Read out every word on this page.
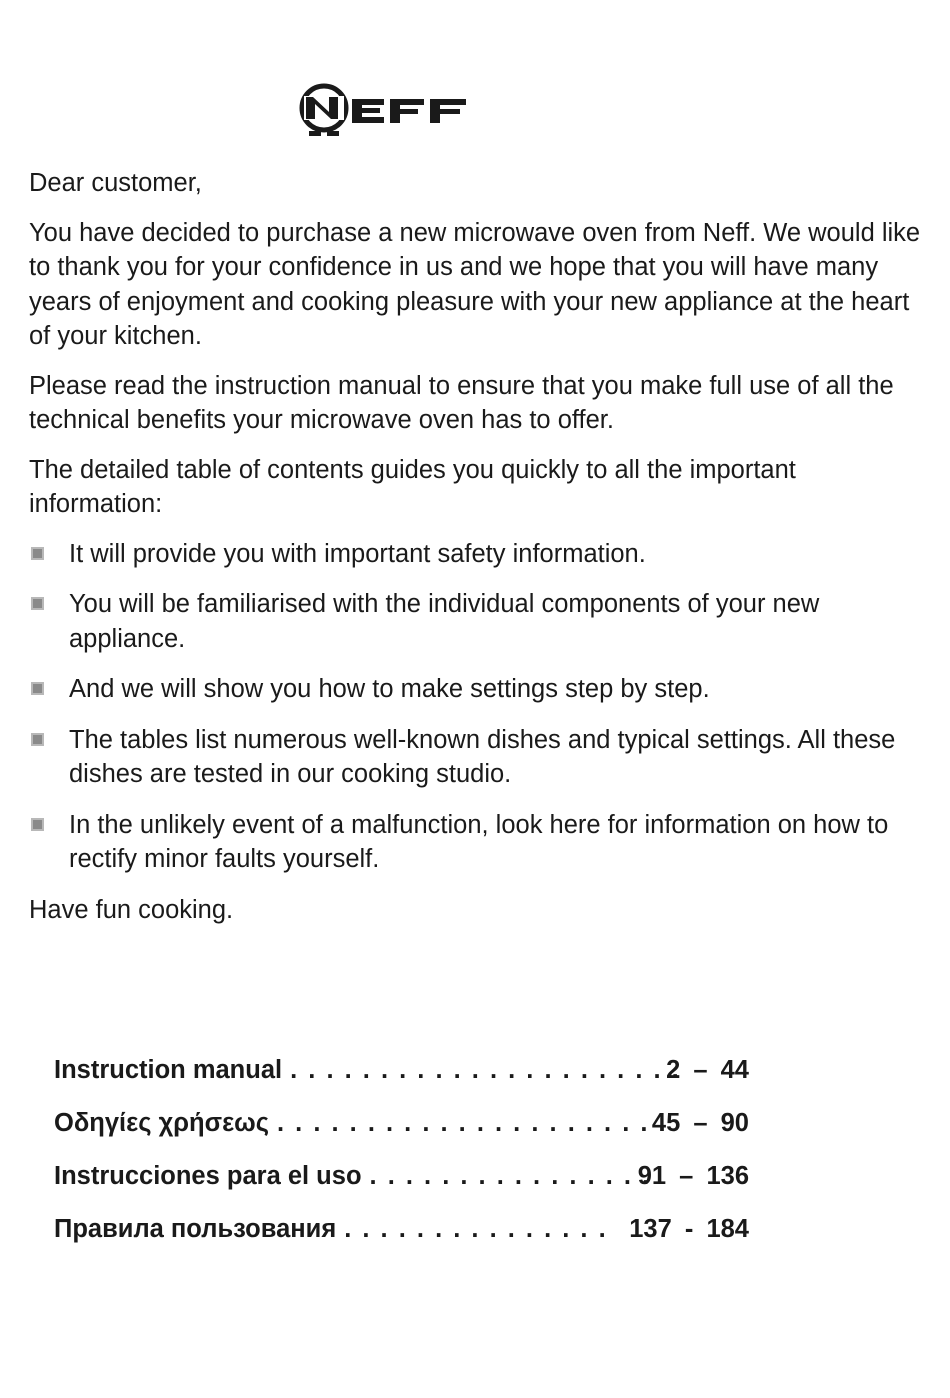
NEFF

Dear customer,

You have decided to purchase a new microwave oven from Neff. We would like to thank you for your confidence in us and we hope that you will have many years of enjoyment and cooking pleasure with your new appliance at the heart of your kitchen.

Please read the instruction manual to ensure that you make full use of all the technical benefits your microwave oven has to offer.

The detailed table of contents guides you quickly to all the important information:

It will provide you with important safety information.
You will be familiarised with the individual components of your new appliance.
And we will show you how to make settings step by step.
The tables list numerous well-known dishes and typical settings. All these dishes are tested in our cooking studio.
In the unlikely event of a malfunction, look here for information on how to rectify minor faults yourself.

Have fun cooking.

Instruction manual . . . . . . . . . . . . . . . . . . . . . .
2 – 44
Οδηγίες χρήσεως . . . . . . . . . . . . . . . . . . . . . .
45 – 90
Instrucciones para el uso . . . . . . . . . . . . . . . .
91 – 136
Правила пользования . . . . . . . . . . . . . . . 137 - 184
